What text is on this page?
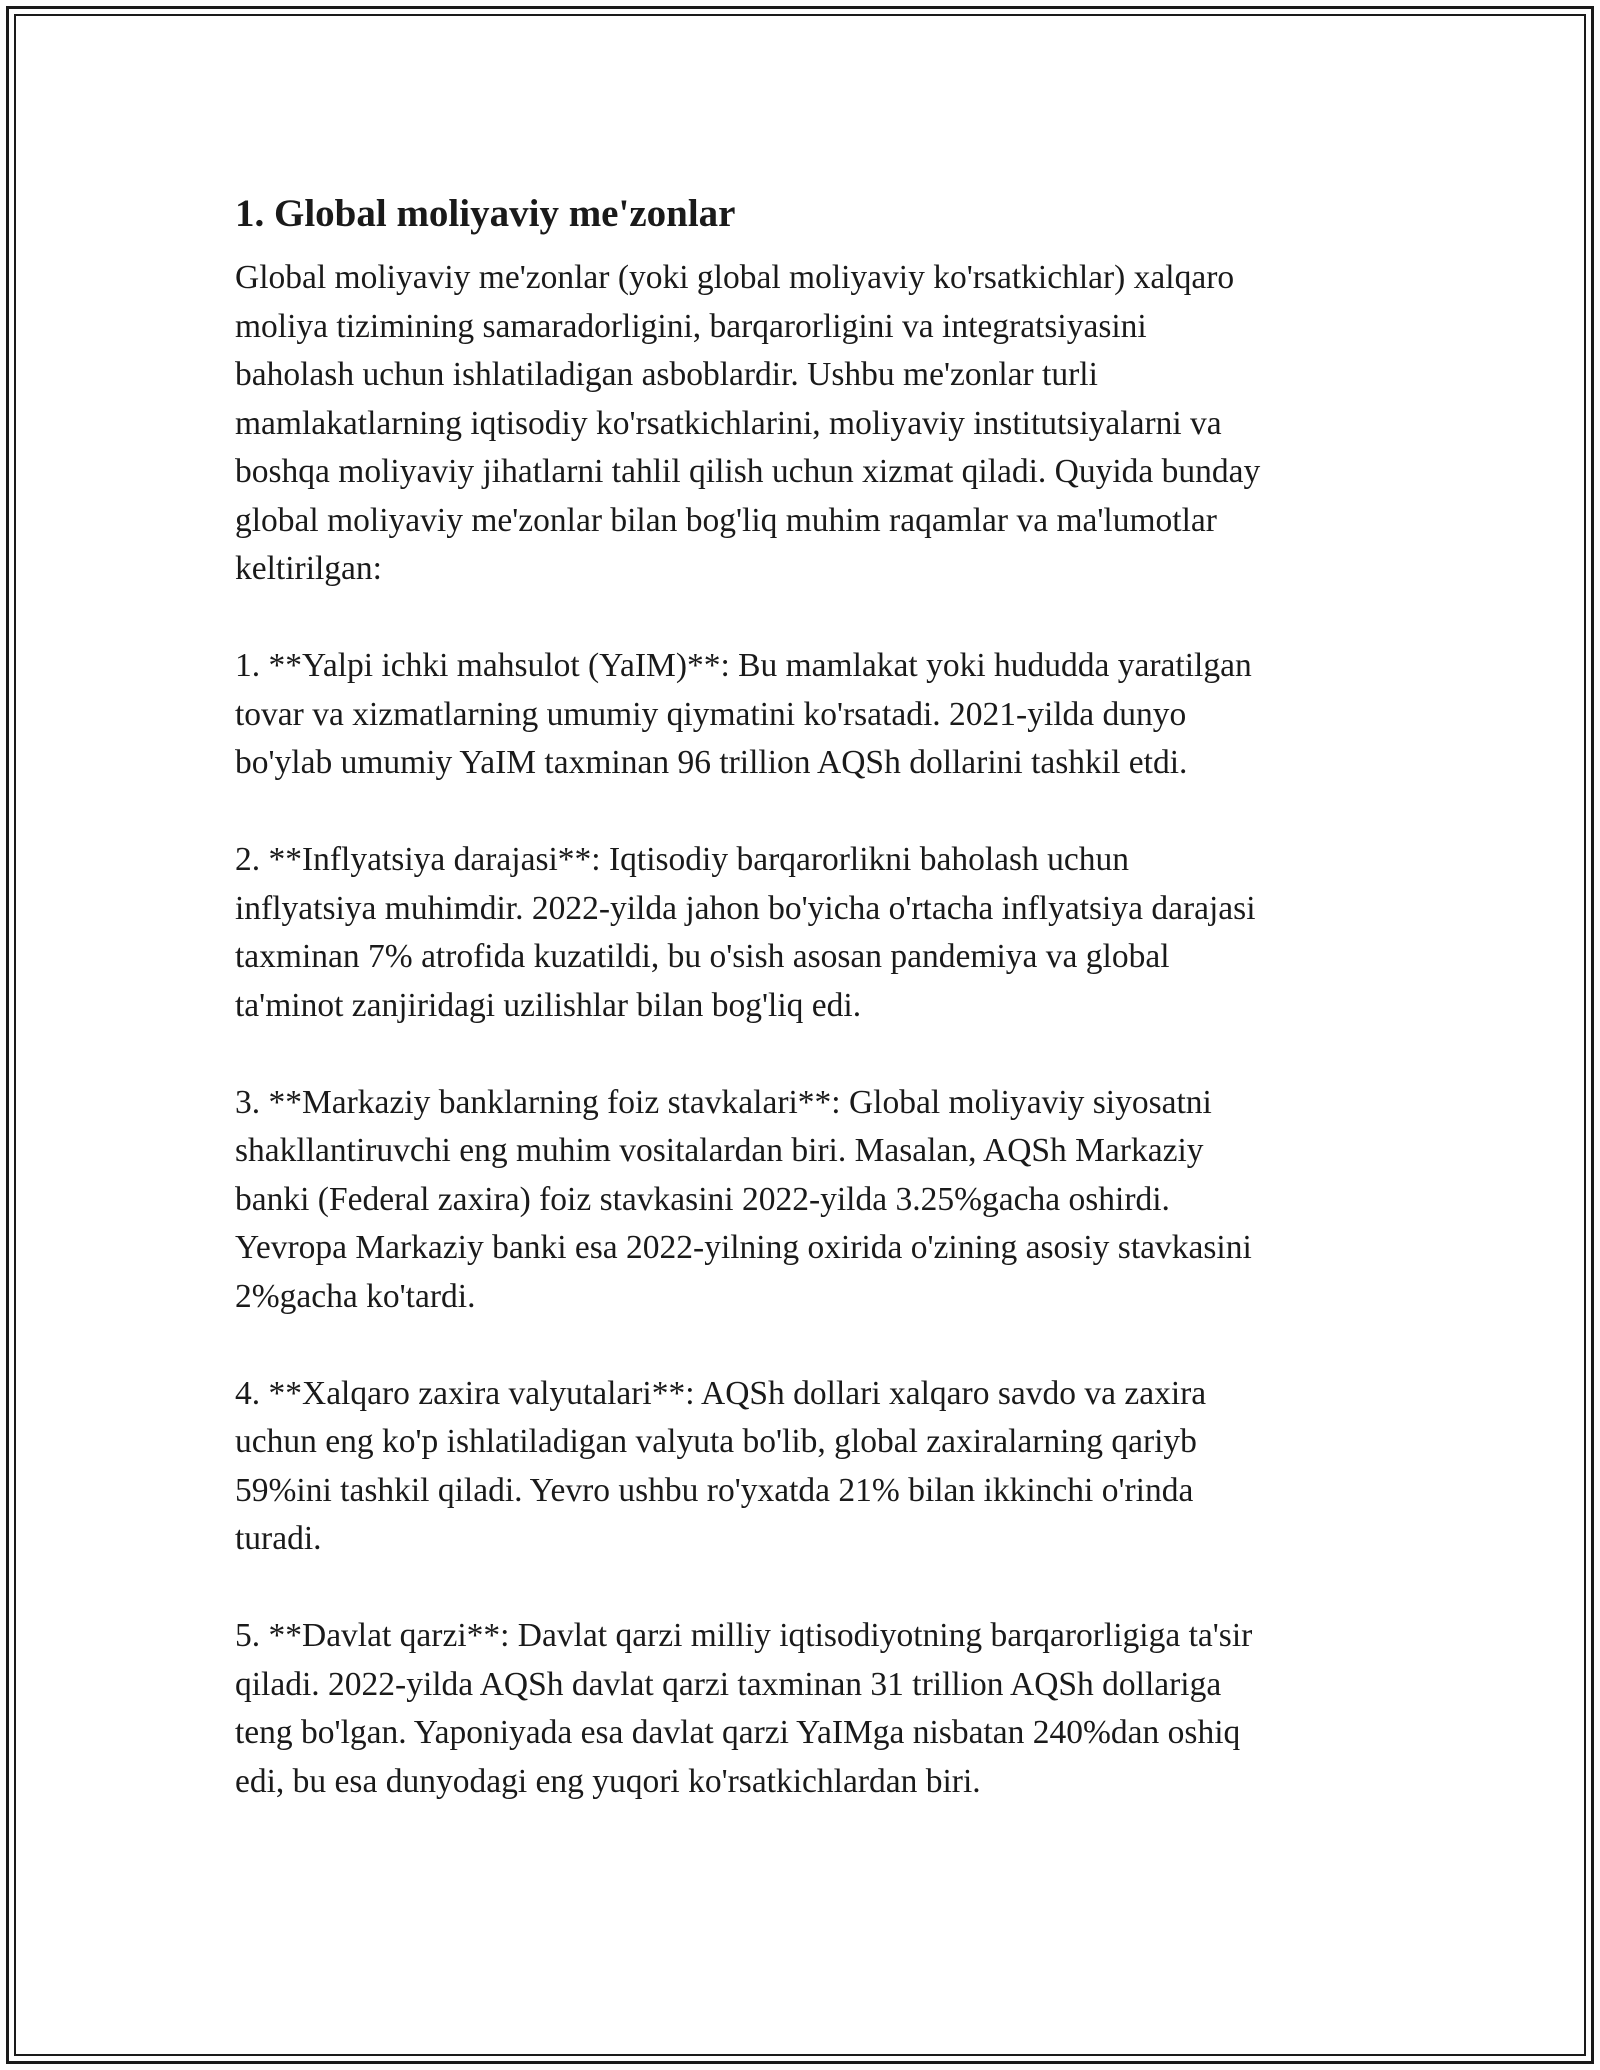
1. Global moliyaviy me'zonlar

Global moliyaviy me'zonlar (yoki global moliyaviy ko'rsatkichlar) xalqaro
moliya tizimining samaradorligini, barqarorligini va integratsiyasini
baholash uchun ishlatiladigan asboblardir. Ushbu me'zonlar turli
mamlakatlarning iqtisodiy ko'rsatkichlarini, moliyaviy institutsiyalarni va
boshqa moliyaviy jihatlarni tahlil qilish uchun xizmat qiladi. Quyida bunday
global moliyaviy me'zonlar bilan bog'liq muhim raqamlar va ma'lumotlar
keltirilgan:

1. **Yalpi ichki mahsulot (YaIM)**: Bu mamlakat yoki hududda yaratilgan
tovar va xizmatlarning umumiy qiymatini ko'rsatadi. 2021-yilda dunyo
bo'ylab umumiy YaIM taxminan 96 trillion AQSh dollarini tashkil etdi.

2. **Inflyatsiya darajasi**: Iqtisodiy barqarorlikni baholash uchun
inflyatsiya muhimdir. 2022-yilda jahon bo'yicha o'rtacha inflyatsiya darajasi
taxminan 7% atrofida kuzatildi, bu o'sish asosan pandemiya va global
ta'minot zanjiridagi uzilishlar bilan bog'liq edi.

3. **Markaziy banklarning foiz stavkalari**: Global moliyaviy siyosatni
shakllantiruvchi eng muhim vositalardan biri. Masalan, AQSh Markaziy
banki (Federal zaxira) foiz stavkasini 2022-yilda 3.25%gacha oshirdi.
Yevropa Markaziy banki esa 2022-yilning oxirida o'zining asosiy stavkasini
2%gacha ko'tardi.

4. **Xalqaro zaxira valyutalari**: AQSh dollari xalqaro savdo va zaxira
uchun eng ko'p ishlatiladigan valyuta bo'lib, global zaxiralarning qariyb
59%ini tashkil qiladi. Yevro ushbu ro'yxatda 21% bilan ikkinchi o'rinda
turadi.

5. **Davlat qarzi**: Davlat qarzi milliy iqtisodiyotning barqarorligiga ta'sir
qiladi. 2022-yilda AQSh davlat qarzi taxminan 31 trillion AQSh dollariga
teng bo'lgan. Yaponiyada esa davlat qarzi YaIMga nisbatan 240%dan oshiq
edi, bu esa dunyodagi eng yuqori ko'rsatkichlardan biri.
